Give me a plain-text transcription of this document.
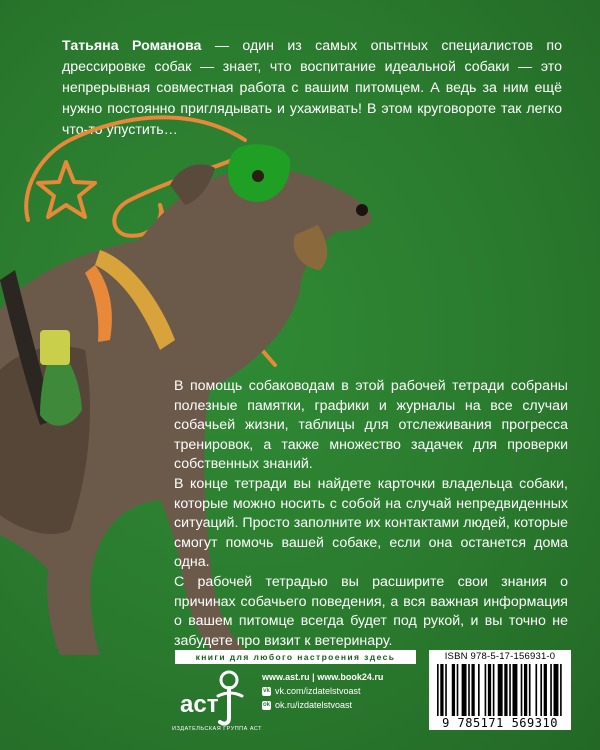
Татьяна Романова — один из самых опытных специалистов по дрессировке собак — знает, что воспитание идеальной собаки — это непрерывная совместная работа с вашим питомцем. А ведь за ним ещё нужно постоянно приглядывать и ухаживать! В этом круговороте так легко что-то упустить…

В помощь собаководам в этой рабочей тетради собраны полезные памятки, графики и журналы на все случаи собачьей жизни, таблицы для отслеживания прогресса тренировок, а также множество задачек для проверки собственных знаний.

В конце тетради вы найдете карточки владельца собаки, которые можно носить с собой на случай непредвиденных ситуаций. Просто заполните их контактами людей, которые смогут помочь вашей собаке, если она останется дома одна.

С рабочей тетрадью вы расширите свои знания о причинах собачьего поведения, а вся важная информация о вашем питомце всегда будет под рукой, и вы точно не забудете про визит к ветеринару.

книги для любого настроения здесь
аст
ИЗДАТЕЛЬСКАЯ ГРУППА АСТ
www.ast.ru | www.book24.ru
vk vk.com/izdatelstvoast
ok ok.ru/izdatelstvoast
ISBN 978-5-17-156931-0
9 785171 569310
